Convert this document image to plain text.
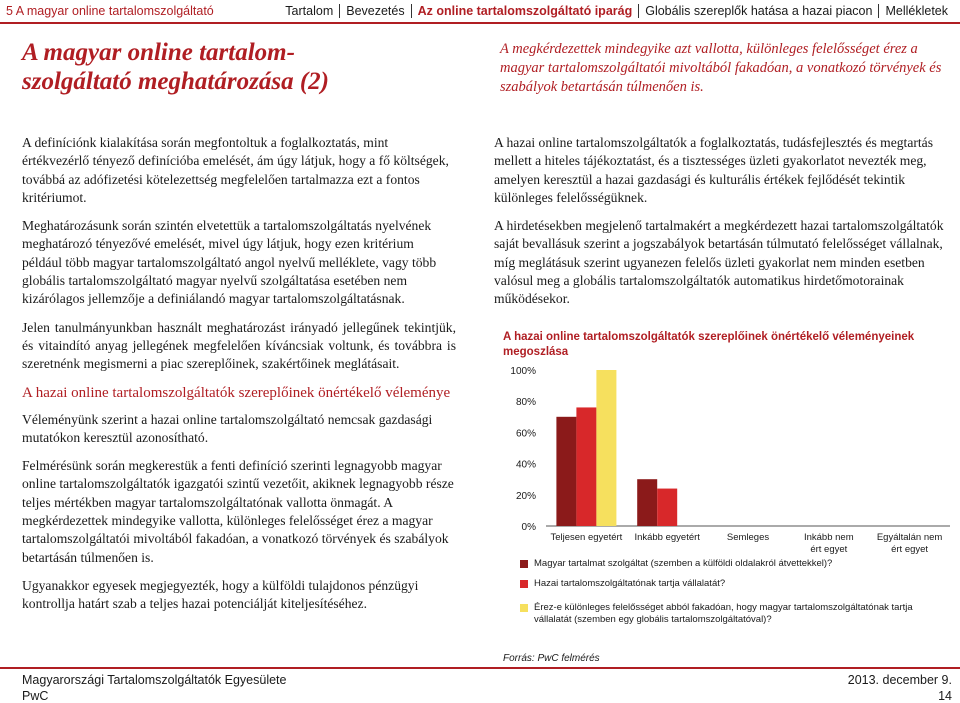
5 A magyar online tartalomszolgáltató	Tartalom	Bevezetés	Az online tartalomszolgáltató iparág	Globális szereplők hatása a hazai piacon	Mellékletek
A magyar online tartalom-
szolgáltató meghatározása (2)

A megkérdezettek mindegyike azt vallotta, különleges felelősséget érez a magyar tartalomszolgáltatói mivoltából fakadóan, a vonatkozó törvények és szabályok betartásán túlmenően is.

A definíciónk kialakítása során megfontoltuk a foglalkoztatás, mint értékvezérlő tényező definícióba emelését, ám úgy látjuk, hogy a fő költségek, továbbá az adófizetési kötelezettség megfelelően tartalmazza ezt a fontos kritériumot.

Meghatározásunk során szintén elvetettük a tartalomszolgáltatás nyelvének meghatározó tényezővé emelését, mivel úgy látjuk, hogy ezen kritérium például több magyar tartalomszolgáltató angol nyelvű melléklete, vagy több globális tartalomszolgáltató magyar nyelvű szolgáltatása esetében nem kizárólagos jellemzője a definiálandó magyar tartalomszolgáltatásnak.

Jelen tanulmányunkban használt meghatározást irányadó jellegűnek tekintjük, és vitaindító anyag jellegének megfelelően kíváncsiak voltunk, és továbbra is szeretnénk megismerni a piac szereplőinek, szakértőinek meglátásait.

A hazai online tartalomszolgáltatók szereplőinek önértékelő véleménye

Véleményünk szerint a hazai online tartalomszolgáltató nemcsak gazdasági mutatókon keresztül azonosítható.

Felmérésünk során megkerestük a fenti definíció szerinti legnagyobb magyar online tartalomszolgáltatók igazgatói szintű vezetőit, akiknek legnagyobb része teljes mértékben magyar tartalomszolgáltatónak vallotta önmagát. A megkérdezettek mindegyike vallotta, különleges felelősséget érez a magyar tartalomszolgáltatói mivoltából fakadóan, a vonatkozó törvények és szabályok betartásán túlmenően is.

Ugyanakkor egyesek megjegyezték, hogy a külföldi tulajdonos pénzügyi kontrollja határt szab a teljes hazai potenciálját kiteljesítéséhez.

A hazai online tartalomszolgáltatók a foglalkoztatás, tudásfejlesztés és megtartás mellett a hiteles tájékoztatást, és a tisztességes üzleti gyakorlatot nevezték meg, amelyen keresztül a hazai gazdasági és kulturális értékek fejlődését tekintik különleges felelősségüknek.

A hirdetésekben megjelenő tartalmakért a megkérdezett hazai tartalomszolgáltatók saját bevallásuk szerint a jogszabályok betartásán túlmutató felelősséget vállalnak, míg meglátásuk szerint ugyanezen felelős üzleti gyakorlat nem minden esetben valósul meg a globális tartalomszolgáltatók automatikus hirdetőmotorainak működésekor.

A hazai online tartalomszolgáltatók szereplőinek önértékelő véleményeinek megoszlása
0%
20%
40%
60%
80%
100%
Teljesen egyetért Inkább egyetért	Semleges	Inkább nem
ért egyet
Egyáltalán nem
ért egyet
Magyar tartalmat szolgáltat (szemben a külföldi oldalakról átvettekkel)?
Hazai tartalomszolgáltatónak tartja vállalatát?
Érez-e különleges felelősséget abból fakadóan, hogy magyar tartalomszolgáltatónak tartja vállalatát (szemben egy globális tartalomszolgáltatóval)?
Forrás: PwC felmérés
Magyarországi Tartalomszolgáltatók Egyesülete	2013. december 9.
PwC	14
